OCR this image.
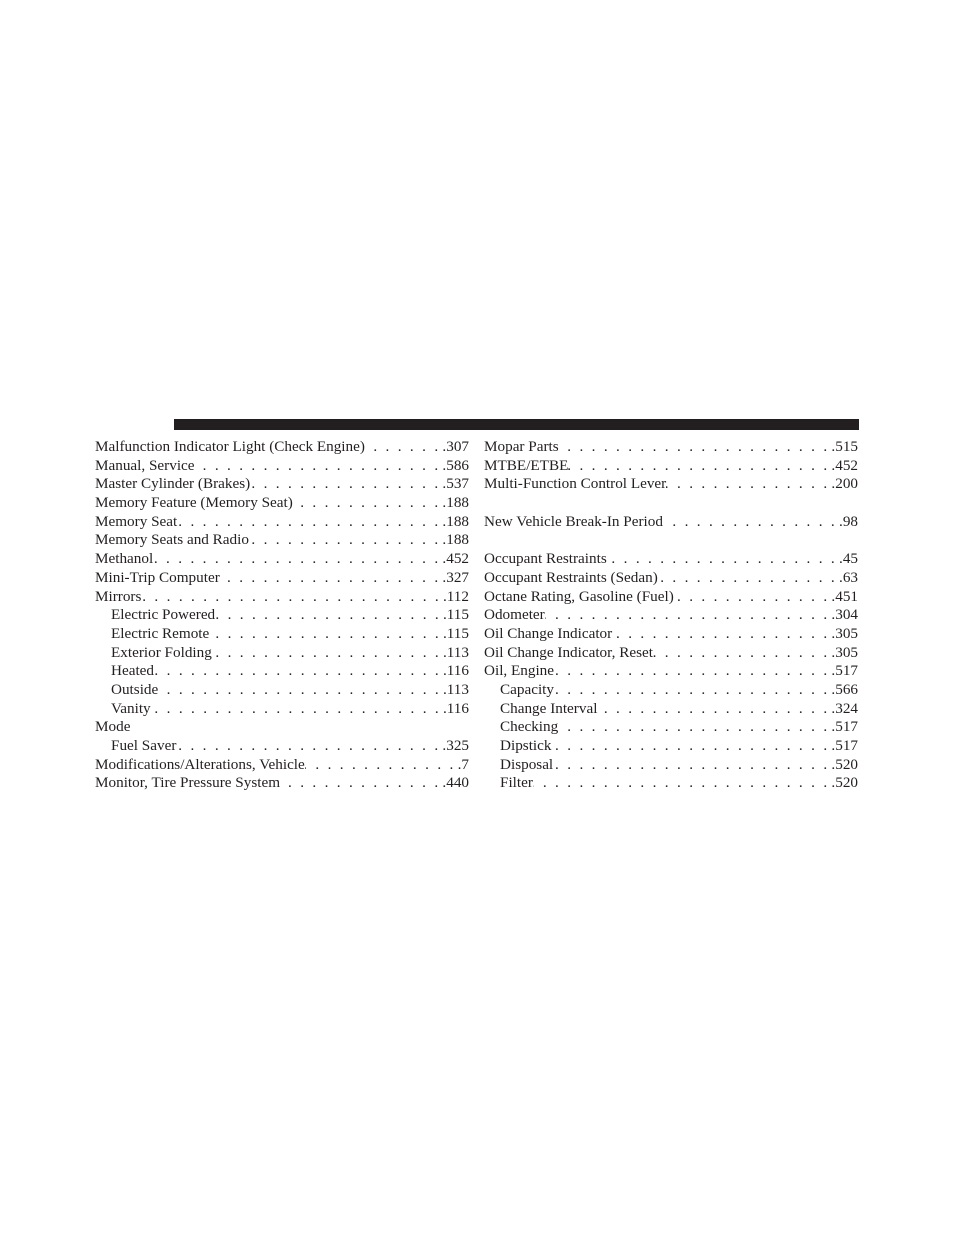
Malfunction Indicator Light (Check Engine) . . .	.307
Manual, Service . . .	.586
Master Cylinder (Brakes) . . .	.537
Memory Feature (Memory Seat) . . .	.188
Memory Seat . . .	.188
Memory Seats and Radio . . .	.188
Methanol . . .	.452
Mini-Trip Computer . . .	.327
Mirrors . . .	.112
Electric Powered . . .	.115
Electric Remote . . .	.115
Exterior Folding . . .	.113
Heated . . .	.116
Outside . . .	.113
Vanity . . .	.116
Mode
Fuel Saver . . .	.325
Modifications/Alterations, Vehicle . . .	.7
Monitor, Tire Pressure System . . .	.440
Mopar Parts . . .	.515
MTBE/ETBE . . .	.452
Multi-Function Control Lever . . .	.200
New Vehicle Break-In Period . . .	.98
Occupant Restraints . . .	.45
Occupant Restraints (Sedan) . . .	.63
Octane Rating, Gasoline (Fuel) . . .	.451
Odometer . . .	.304
Oil Change Indicator . . .	.305
Oil Change Indicator, Reset . . .	.305
Oil, Engine . . .	.517
Capacity . . .	.566
Change Interval . . .	.324
Checking . . .	.517
Dipstick . . .	.517
Disposal . . .	.520
Filter . . .	.520
